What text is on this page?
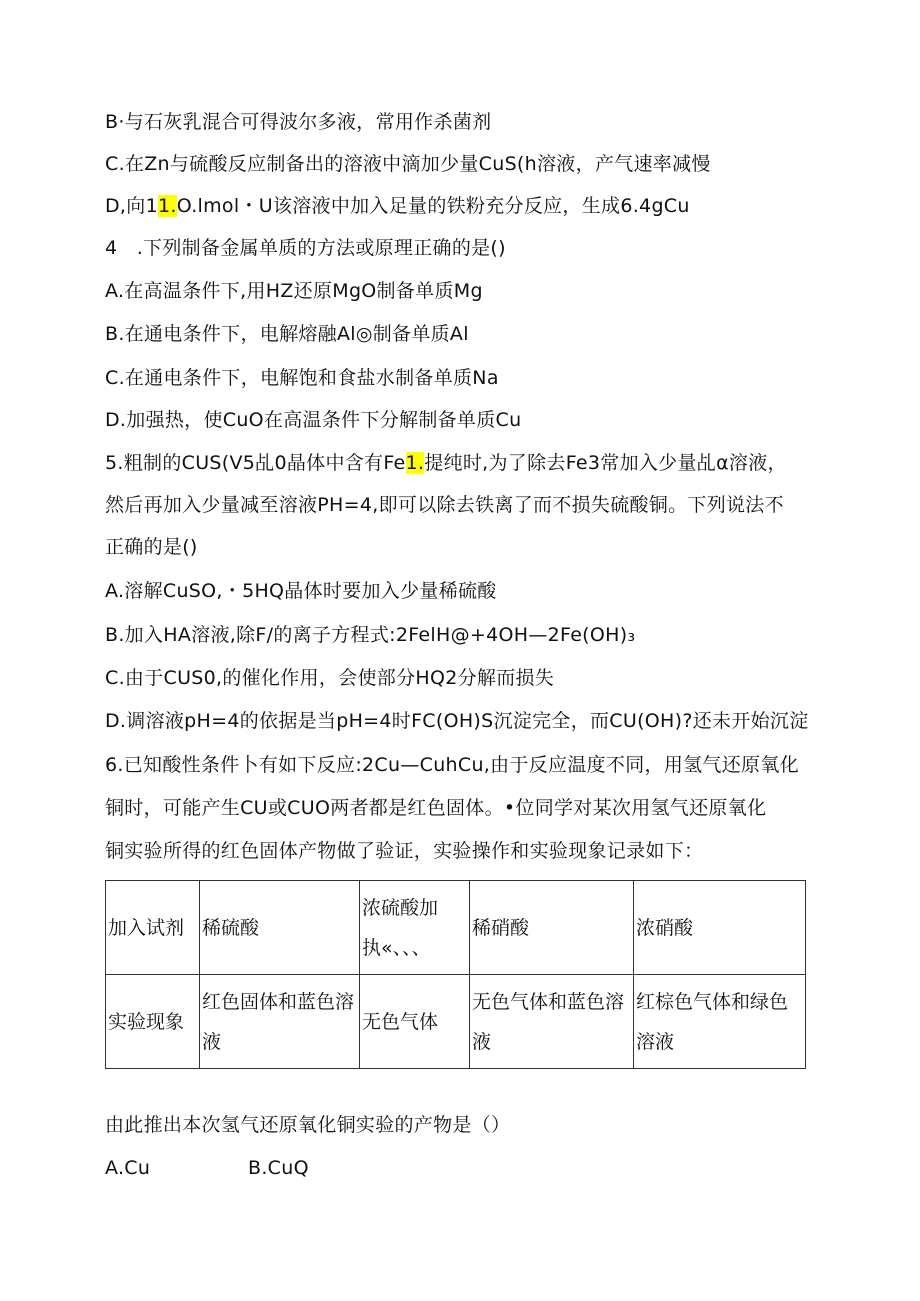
B·与石灰乳混合可得波尔多液，常用作杀菌剂
C.在Zn与硫酸反应制备出的溶液中滴加少量CuS(h溶液，产气速率减慢
D,向11.O.lmol・U该溶液中加入足量的铁粉充分反应，生成6.4gCu
4　.下列制备金属单质的方法或原理正确的是()
A.在高温条件下,用HZ还原MgO制备单质Mg
B.在通电条件下，电解熔融Al◎制备单质Al
C.在通电条件下，电解饱和食盐水制备单质Na
D.加强热，使CuO在高温条件下分解制备单质Cu
5.粗制的CUS(V5乩0晶体中含有Fe1.提纯时,为了除去Fe3常加入少量乩α溶液，
然后再加入少量减至溶液PH=4,即可以除去铁离了而不损失硫酸铜。下列说法不
正确的是()
A.溶解CuSO,・5HQ晶体时要加入少量稀硫酸
B.加入HA溶液,除F/的离子方程式:2FelH@+4OH—2Fe(OH)₃
C.由于CUS0,的催化作用，会使部分HQ2分解而损失
D.调溶液pH=4的依据是当pH=4时FC(OH)S沉淀完全，而CU(OH)?还未开始沉淀
6.已知酸性条件卜有如下反应:2Cu—CuhCu,由于反应温度不同，用氢气还原氧化
铜时，可能产生CU或CUO两者都是红色固体。•位同学对某次用氢气还原氧化
铜实验所得的红色固体产物做了验证，实验操作和实验现象记录如下：
加入试剂	稀硫酸	浓硫酸加执«、、、	稀硝酸	浓硝酸
实验现象	红色固体和蓝色溶液	无色气体	无色气体和蓝色溶液	红棕色气体和绿色溶液
由此推出本次氢气还原氧化铜实验的产物是（）
A.Cu	B.CuQ
